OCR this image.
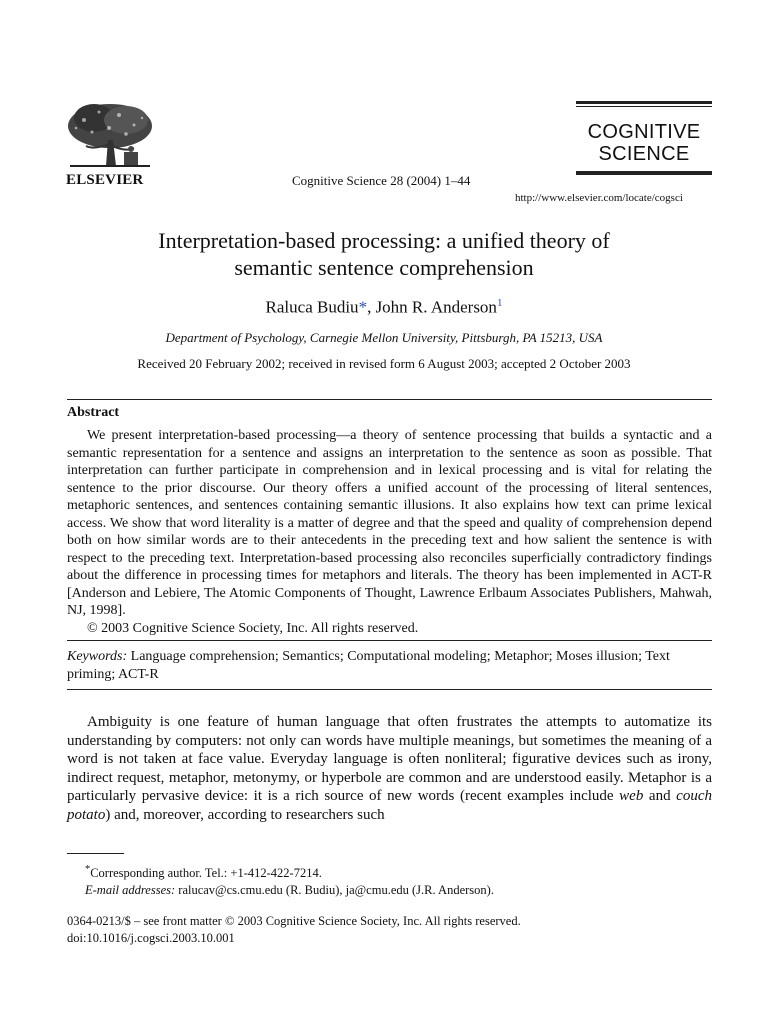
ELSEVIER	Cognitive Science 28 (2004) 1–44
COGNITIVE
SCIENCE
http://www.elsevier.com/locate/cogsci
Interpretation-based processing: a unified theory of
semantic sentence comprehension
Raluca Budiu*, John R. Anderson$^1$
Department of Psychology, Carnegie Mellon University, Pittsburgh, PA 15213, USA
Received 20 February 2002; received in revised form 6 August 2003; accepted 2 October 2003
Abstract
We present interpretation-based processing—a theory of sentence processing that builds a syntactic and a semantic representation for a sentence and assigns an interpretation to the sentence as soon as possible. That interpretation can further participate in comprehension and in lexical processing and is vital for relating the sentence to the prior discourse. Our theory offers a unified account of the processing of literal sentences, metaphoric sentences, and sentences containing semantic illusions. It also explains how text can prime lexical access. We show that word literality is a matter of degree and that the speed and quality of comprehension depend both on how similar words are to their antecedents in the preceding text and how salient the sentence is with respect to the preceding text. Interpretation-based processing also reconciles superficially contradictory findings about the difference in processing times for metaphors and literals. The theory has been implemented in ACT-R [Anderson and Lebiere, The Atomic Components of Thought, Lawrence Erlbaum Associates Publishers, Mahwah, NJ, 1998].
© 2003 Cognitive Science Society, Inc. All rights reserved.
Keywords: Language comprehension; Semantics; Computational modeling; Metaphor; Moses illusion; Text priming; ACT-R
Ambiguity is one feature of human language that often frustrates the attempts to automatize its understanding by computers: not only can words have multiple meanings, but sometimes the meaning of a word is not taken at face value. Everyday language is often nonliteral; figurative devices such as irony, indirect request, metaphor, metonymy, or hyperbole are common and are understood easily. Metaphor is a particularly pervasive device: it is a rich source of new words (recent examples include web and couch potato) and, moreover, according to researchers such
*Corresponding author. Tel.: +1-412-422-7214.
E-mail addresses: ralucav@cs.cmu.edu (R. Budiu), ja@cmu.edu (J.R. Anderson).
0364-0213/$ – see front matter © 2003 Cognitive Science Society, Inc. All rights reserved.
doi:10.1016/j.cogsci.2003.10.001
